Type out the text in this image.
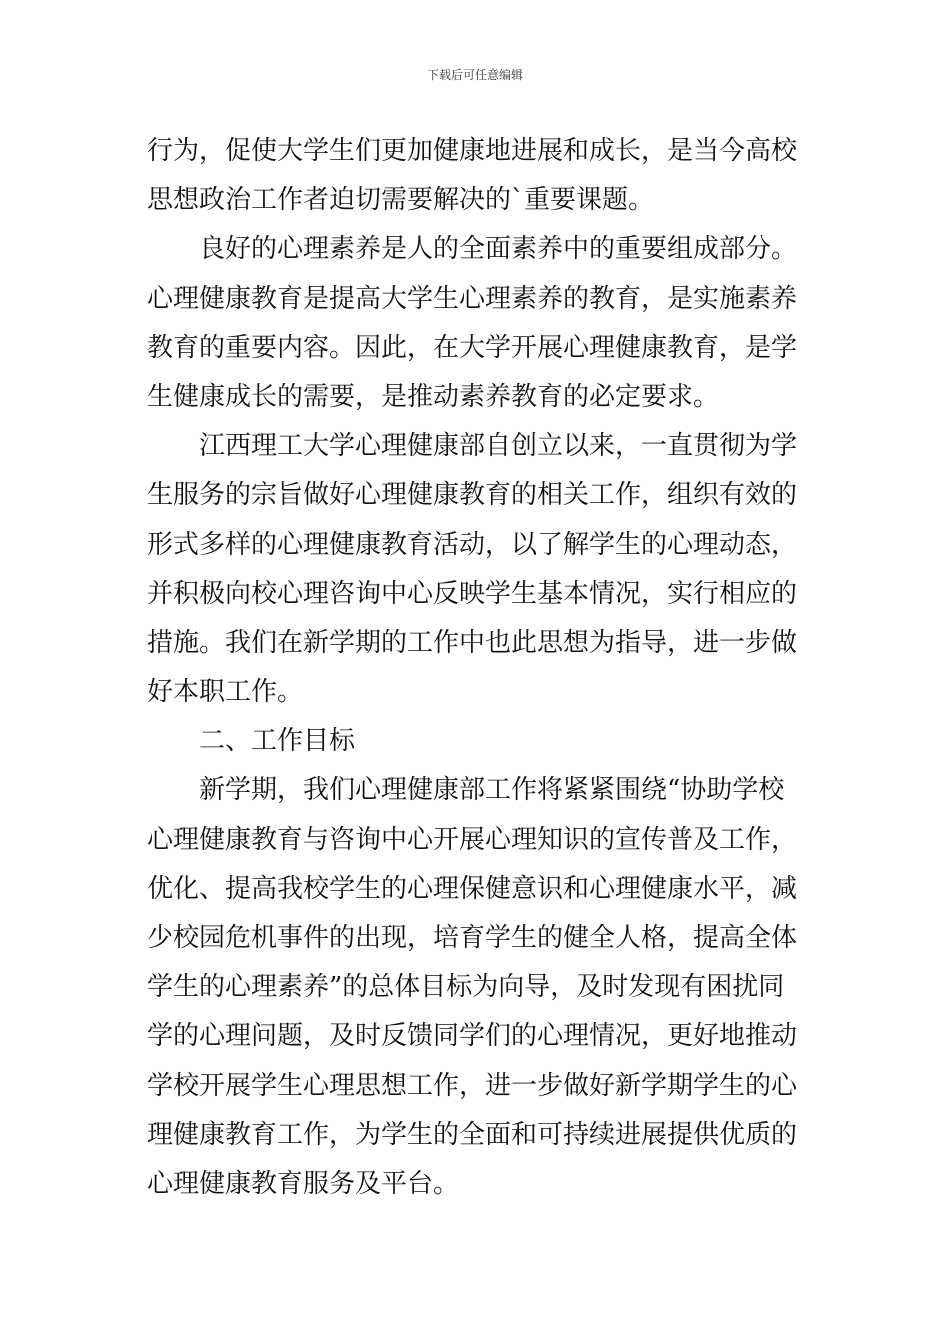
下载后可任意编辑
行为，促使大学生们更加健康地进展和成长，是当今高校
思想政治工作者迫切需要解决的`重要课题。
良好的心理素养是人的全面素养中的重要组成部分。
心理健康教育是提高大学生心理素养的教育，是实施素养
教育的重要内容。因此，在大学开展心理健康教育，是学
生健康成长的需要，是推动素养教育的必定要求。
江西理工大学心理健康部自创立以来，一直贯彻为学
生服务的宗旨做好心理健康教育的相关工作，组织有效的
形式多样的心理健康教育活动，以了解学生的心理动态，
并积极向校心理咨询中心反映学生基本情况，实行相应的
措施。我们在新学期的工作中也此思想为指导，进一步做
好本职工作。
二、工作目标
新学期，我们心理健康部工作将紧紧围绕“协助学校
心理健康教育与咨询中心开展心理知识的宣传普及工作，
优化、提高我校学生的心理保健意识和心理健康水平，减
少校园危机事件的出现，培育学生的健全人格，提高全体
学生的心理素养”的总体目标为向导，及时发现有困扰同
学的心理问题，及时反馈同学们的心理情况，更好地推动
学校开展学生心理思想工作，进一步做好新学期学生的心
理健康教育工作，为学生的全面和可持续进展提供优质的
心理健康教育服务及平台。
